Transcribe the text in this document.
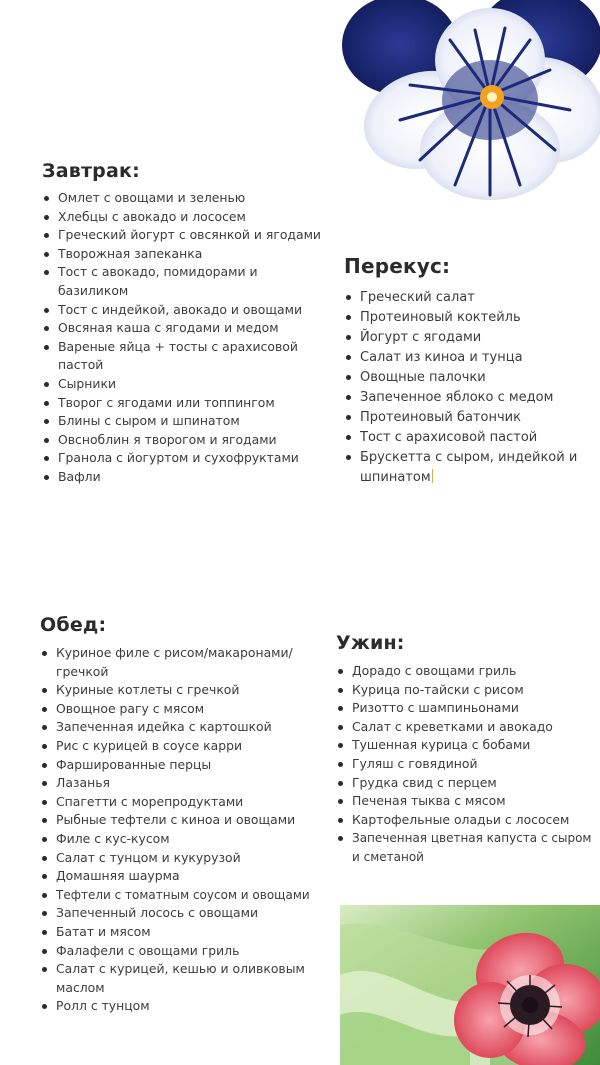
Завтрак:
Омлет с овощами и зеленью
Хлебцы с авокадо и лососем
Греческий йогурт с овсянкой и ягодами
Творожная запеканка
Тост с авокадо, помидорами и базиликом
Тост с индейкой, авокадо и овощами
Овсяная каша с ягодами и медом
Вареные яйца + тосты с арахисовой пастой
Сырники
Творог с ягодами или топпингом
Блины с сыром и шпинатом
Овсноблин я творогом и ягодами
Гранола с йогуртом и сухофруктами
Вафли
Перекус:
Греческий салат
Протеиновый коктейль
Йогурт с ягодами
Салат из киноа и тунца
Овощные палочки
Запеченное яблоко с медом
Протеиновый батончик
Тост с арахисовой пастой
Брускетта с сыром, индейкой и шпинатом
Обед:
Куриное филе с рисом/макаронами/ гречкой
Куриные котлеты с гречкой
Овощное рагу с мясом
Запеченная идейка с картошкой
Рис с курицей в соусе карри
Фаршированные перцы
Лазанья
Спагетти с морепродуктами
Рыбные тефтели с киноа и овощами
Филе с кус-кусом
Салат с тунцом и кукурузой
Домашняя шаурма
Тефтели с томатным соусом и овощами
Запеченный лосось с овощами
Батат и мясом
Фалафели с овощами гриль
Салат с курицей, кешью и оливковым маслом
Ролл с тунцом
Ужин:
Дорадо с овощами гриль
Курица по-тайски с рисом
Ризотто с шампиньонами
Салат с креветками и авокадо
Тушенная курица с бобами
Гуляш с говядиной
Грудка свид с перцем
Печеная тыква с мясом
Картофельные оладьи с лососем
Запеченная цветная капуста с сыром и сметаной
